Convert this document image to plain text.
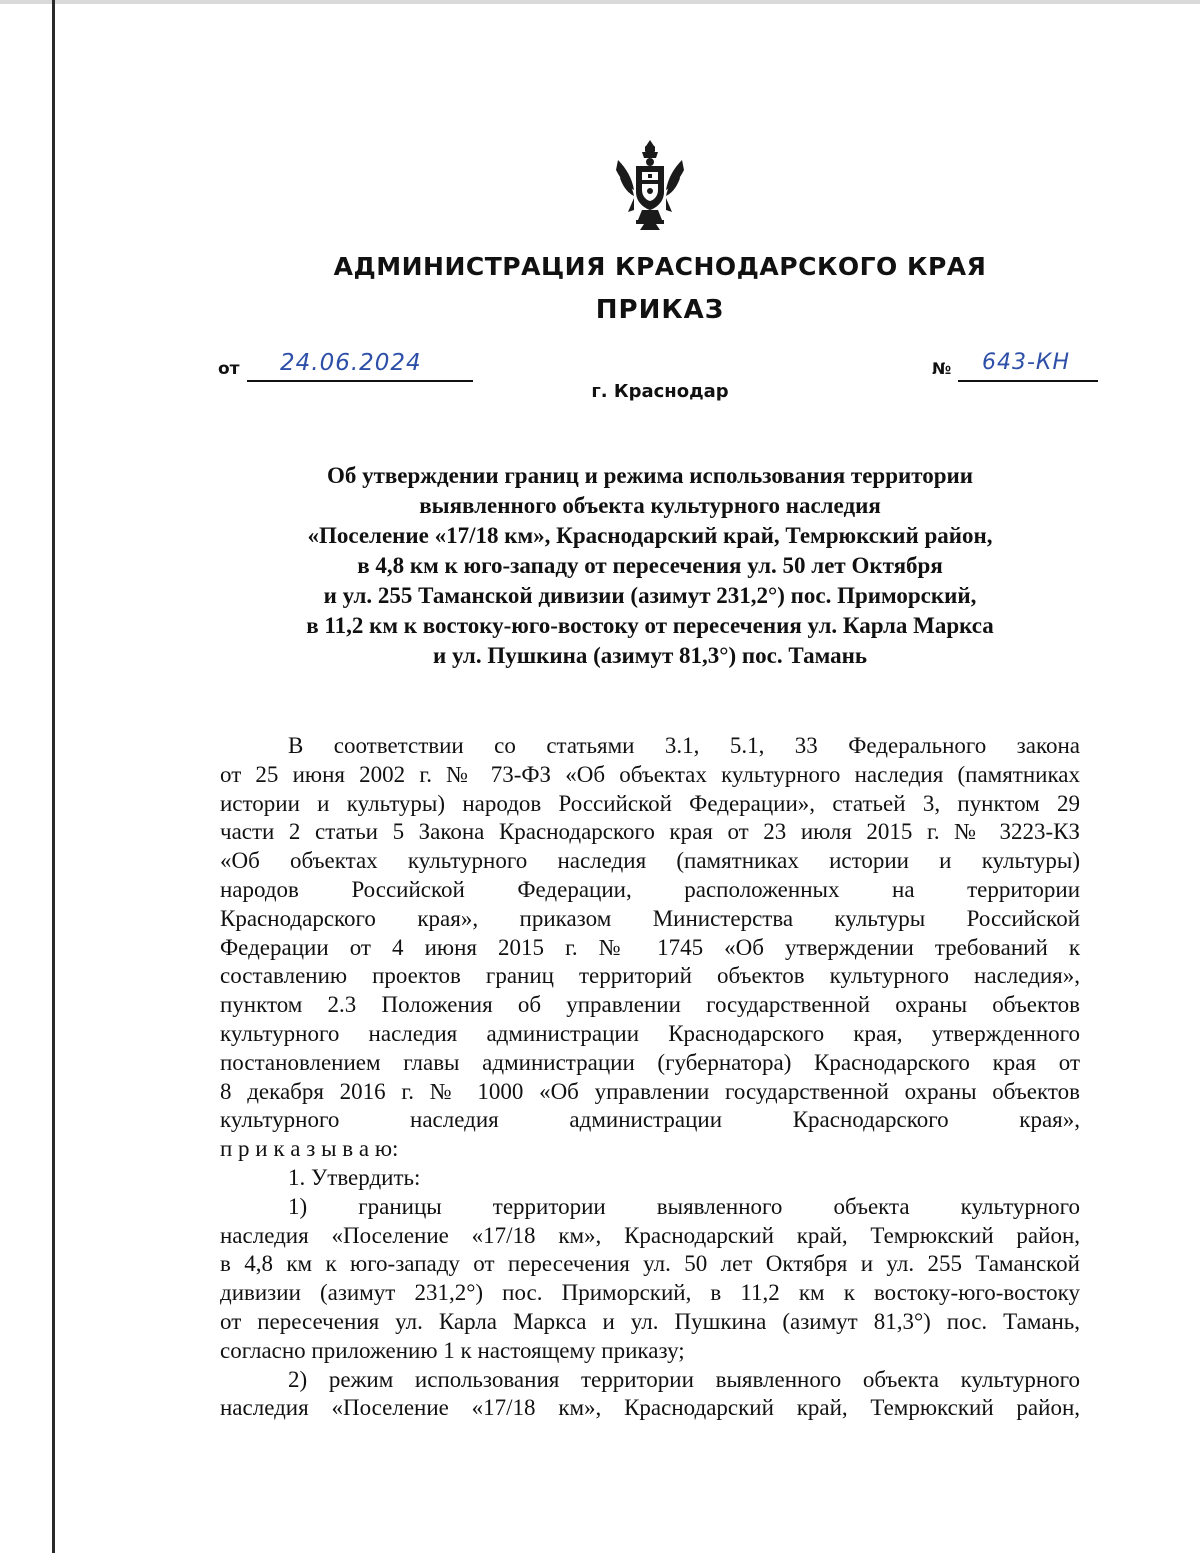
АДМИНИСТРАЦИЯ КРАСНОДАРСКОГО КРАЯ
ПРИКАЗ
от 24.06.2024	№ 643-КН
г. Краснодар
Об утверждении границ и режима использования территории
выявленного объекта культурного наследия
«Поселение «17/18 км», Краснодарский край, Темрюкский район,
в 4,8 км к юго-западу от пересечения ул. 50 лет Октября
и ул. 255 Таманской дивизии (азимут 231,2°) пос. Приморский,
в 11,2 км к востоку-юго-востоку от пересечения ул. Карла Маркса
и ул. Пушкина (азимут 81,3°) пос. Тамань
В соответствии со статьями 3.1, 5.1, 33 Федерального закона
от 25 июня 2002 г. № 73-ФЗ «Об объектах культурного наследия (памятниках
истории и культуры) народов Российской Федерации», статьей 3, пунктом 29
части 2 статьи 5 Закона Краснодарского края от 23 июля 2015 г. № 3223-КЗ
«Об объектах культурного наследия (памятниках истории и культуры)
народов Российской Федерации, расположенных на территории
Краснодарского края», приказом Министерства культуры Российской
Федерации от 4 июня 2015 г. № 1745 «Об утверждении требований к
составлению проектов границ территорий объектов культурного наследия»,
пунктом 2.3 Положения об управлении государственной охраны объектов
культурного наследия администрации Краснодарского края, утвержденного
постановлением главы администрации (губернатора) Краснодарского края от
8 декабря 2016 г. № 1000 «Об управлении государственной охраны объектов
культурного наследия администрации Краснодарского края»,
п р и к а з ы в а ю:
1. Утвердить:
1) границы территории выявленного объекта культурного
наследия «Поселение «17/18 км», Краснодарский край, Темрюкский район,
в 4,8 км к юго-западу от пересечения ул. 50 лет Октября и ул. 255 Таманской
дивизии (азимут 231,2°) пос. Приморский, в 11,2 км к востоку-юго-востоку
от пересечения ул. Карла Маркса и ул. Пушкина (азимут 81,3°) пос. Тамань,
согласно приложению 1 к настоящему приказу;
2) режим использования территории выявленного объекта культурного
наследия «Поселение «17/18 км», Краснодарский край, Темрюкский район,
